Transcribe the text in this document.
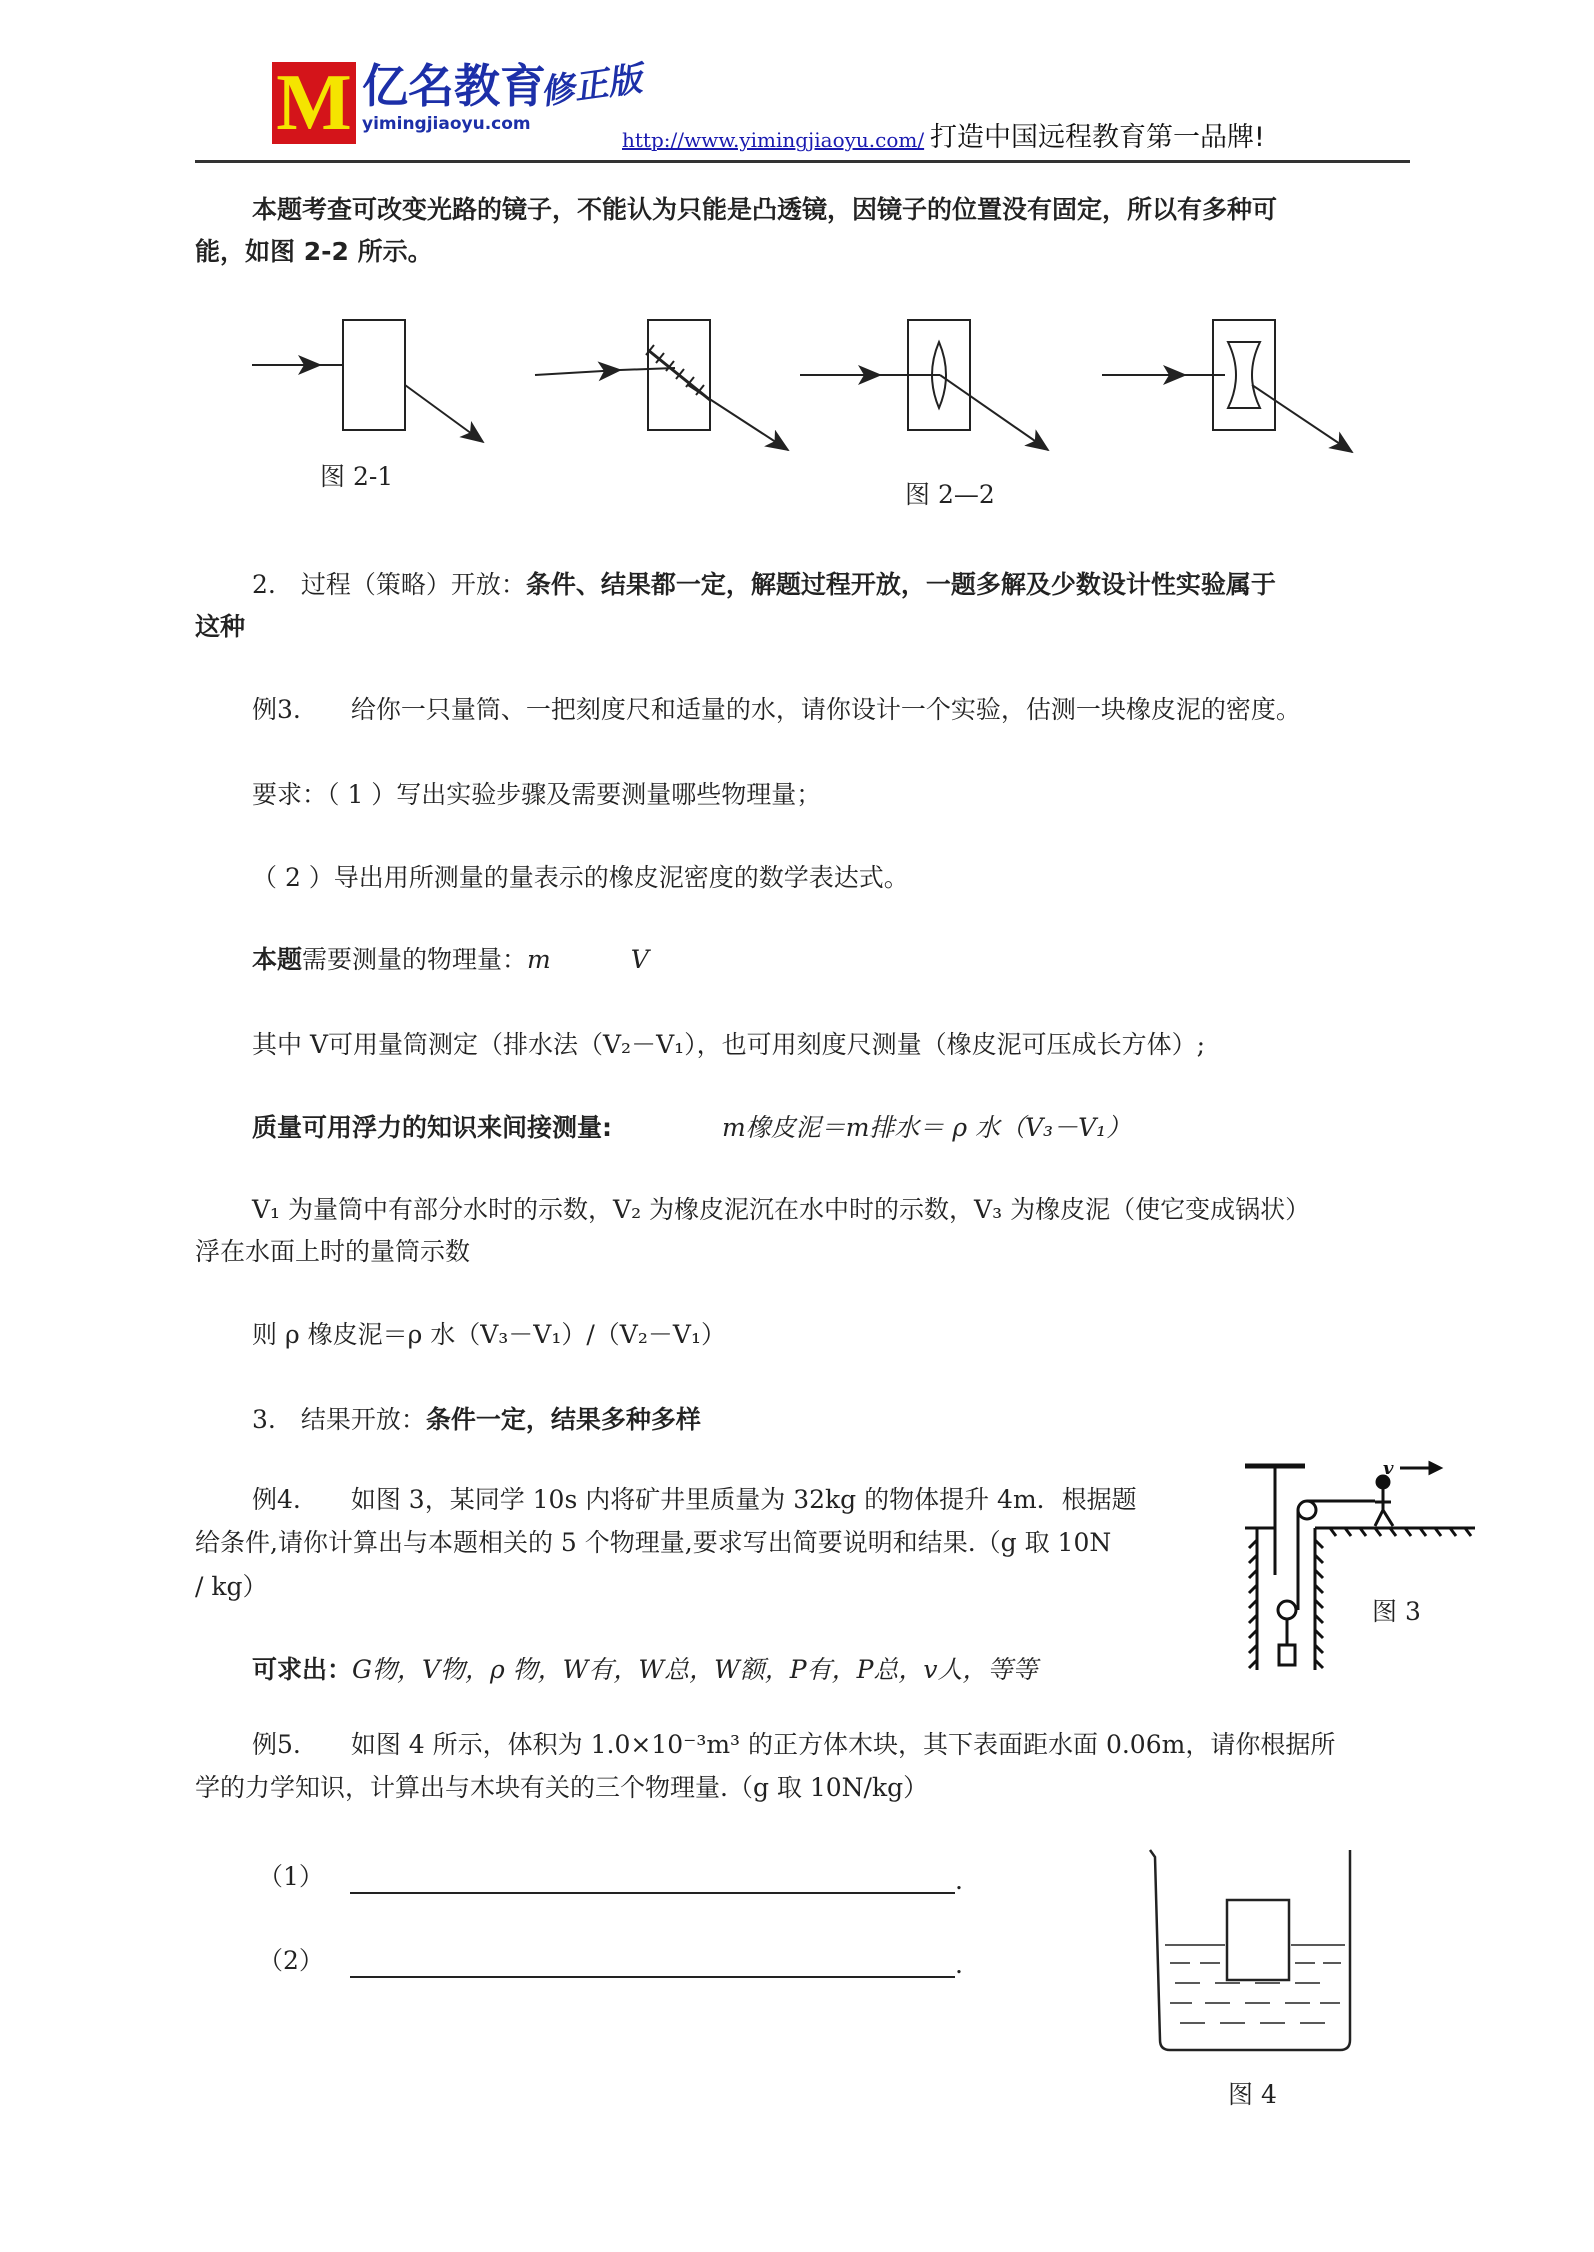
M 亿名教育
yimingjiaoyu.com
修正版
http://www.yimingjiaoyu.com/ 打造中国远程教育第一品牌!
本题考查可改变光路的镜子，不能认为只能是凸透镜，因镜子的位置没有固定，所以有多种可
能，如图 2-2 所示。
图 2-1
图 2—2
2.　过程（策略）开放：条件、结果都一定，解题过程开放，一题多解及少数设计性实验属于
这种
例3.　　给你一只量筒、一把刻度尺和适量的水，请你设计一个实验，估测一块橡皮泥的密度。
要求：（ 1 ）写出实验步骤及需要测量哪些物理量；
（ 2 ）导出用所测量的量表示的橡皮泥密度的数学表达式。
本题需要测量的物理量：m	V
其中 V可用量筒测定（排水法（V₂－V₁），也可用刻度尺测量（橡皮泥可压成长方体）;
质量可用浮力的知识来间接测量:	m橡皮泥＝m排水＝ ρ 水（V₃－V₁）
V₁ 为量筒中有部分水时的示数，V₂ 为橡皮泥沉在水中时的示数，V₃ 为橡皮泥（使它变成锅状）
浮在水面上时的量筒示数
则 ρ 橡皮泥＝ρ 水（V₃－V₁）/（V₂－V₁）
3.　结果开放：条件一定，结果多种多样
例4.　　如图 3，某同学 10s 内将矿井里质量为 32kg 的物体提升 4m．根据题
给条件,请你计算出与本题相关的 5 个物理量,要求写出简要说明和结果.（g 取 10N
/ kg）
v
图 3
可求出：G物，V物，ρ 物，W有，W总，W额，P有，P总，v人，等等
例5.　　如图 4 所示，体积为 1.0×10⁻³m³ 的正方体木块，其下表面距水面 0.06m，请你根据所
学的力学知识，计算出与木块有关的三个物理量.（g 取 10N/kg）
（1）	.
（2）	.
图 4
